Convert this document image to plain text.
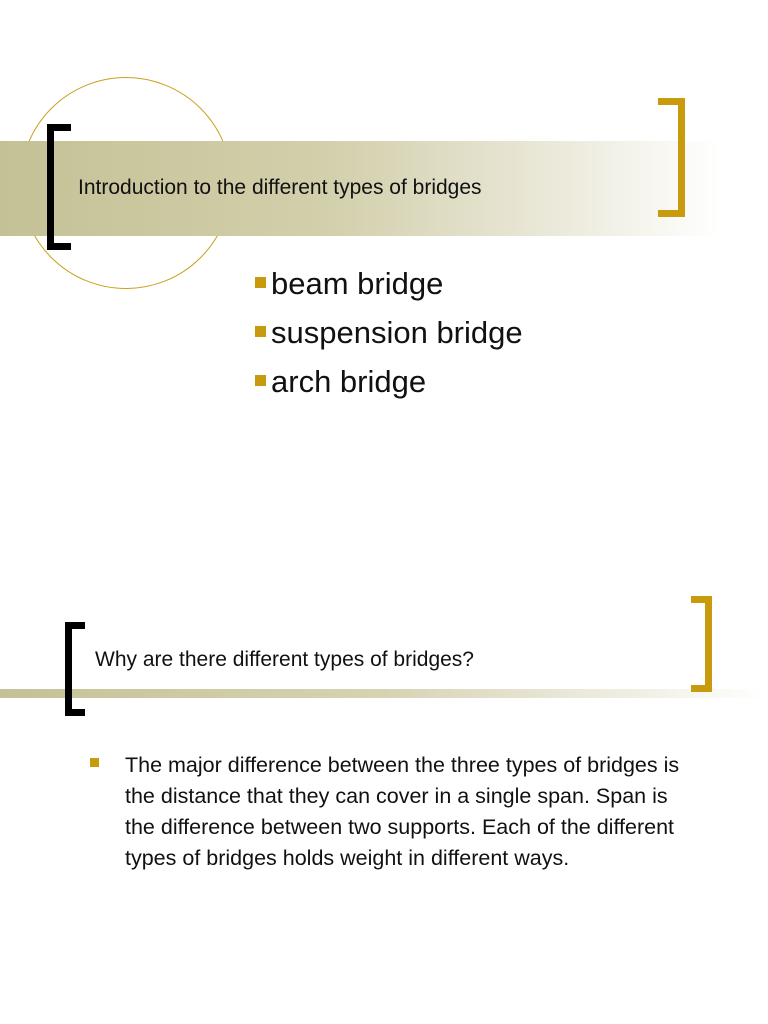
Introduction to the different types of bridges
beam bridge
suspension bridge
arch bridge
Why are there different types of bridges?
The major difference between the three types of bridges is the distance that they can cover in a single span. Span is the difference between two supports. Each of the different types of bridges holds weight in different ways.
